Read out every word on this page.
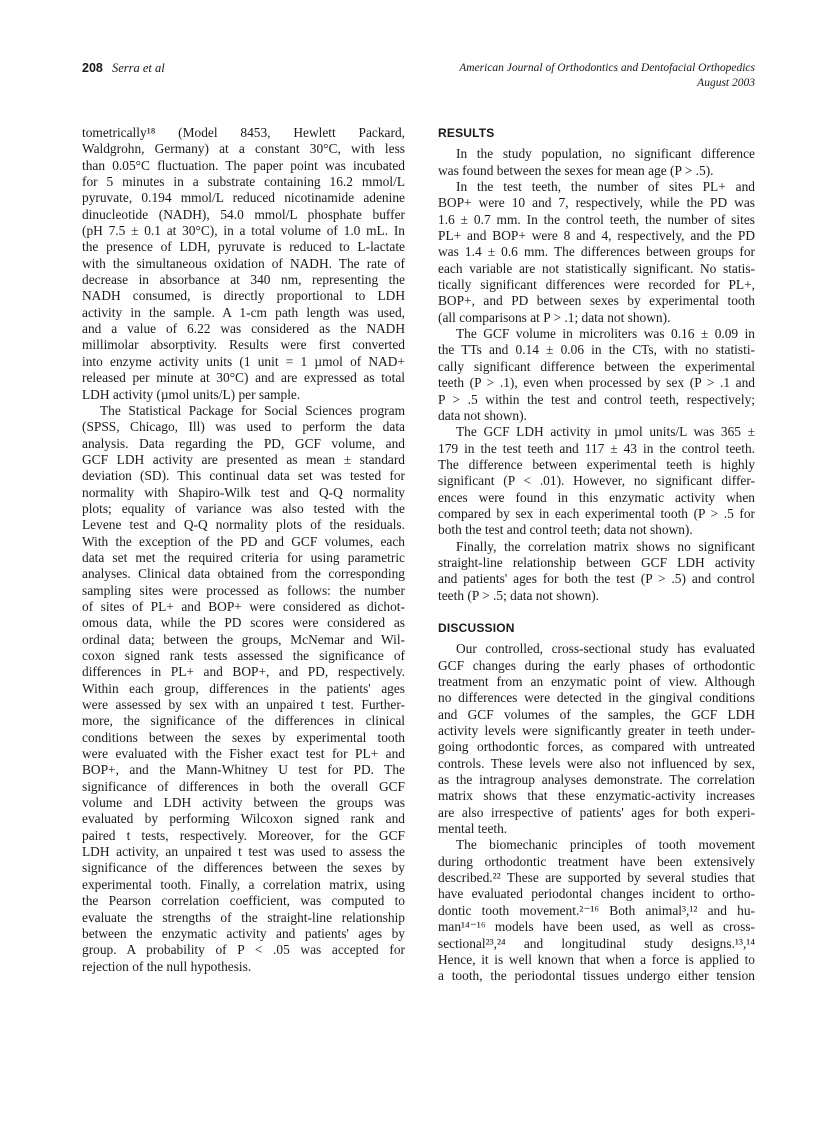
208 Serra et al	American Journal of Orthodontics and Dentofacial Orthopedics
August 2003
tometrically¹⁸ (Model 8453, Hewlett Packard,
Waldgrohn, Germany) at a constant 30°C, with less
than 0.05°C fluctuation. The paper point was incubated
for 5 minutes in a substrate containing 16.2 mmol/L
pyruvate, 0.194 mmol/L reduced nicotinamide adenine
dinucleotide (NADH), 54.0 mmol/L phosphate buffer
(pH 7.5 ± 0.1 at 30°C), in a total volume of 1.0 mL. In
the presence of LDH, pyruvate is reduced to L-lactate
with the simultaneous oxidation of NADH. The rate of
decrease in absorbance at 340 nm, representing the
NADH consumed, is directly proportional to LDH
activity in the sample. A 1-cm path length was used,
and a value of 6.22 was considered as the NADH
millimolar absorptivity. Results were first converted
into enzyme activity units (1 unit = 1 µmol of NAD+
released per minute at 30°C) and are expressed as total
LDH activity (µmol units/L) per sample.
The Statistical Package for Social Sciences program
(SPSS, Chicago, Ill) was used to perform the data
analysis. Data regarding the PD, GCF volume, and
GCF LDH activity are presented as mean ± standard
deviation (SD). This continual data set was tested for
normality with Shapiro-Wilk test and Q-Q normality
plots; equality of variance was also tested with the
Levene test and Q-Q normality plots of the residuals.
With the exception of the PD and GCF volumes, each
data set met the required criteria for using parametric
analyses. Clinical data obtained from the corresponding
sampling sites were processed as follows: the number
of sites of PL+ and BOP+ were considered as dichot-
omous data, while the PD scores were considered as
ordinal data; between the groups, McNemar and Wil-
coxon signed rank tests assessed the significance of
differences in PL+ and BOP+, and PD, respectively.
Within each group, differences in the patients' ages
were assessed by sex with an unpaired t test. Further-
more, the significance of the differences in clinical
conditions between the sexes by experimental tooth
were evaluated with the Fisher exact test for PL+ and
BOP+, and the Mann-Whitney U test for PD. The
significance of differences in both the overall GCF
volume and LDH activity between the groups was
evaluated by performing Wilcoxon signed rank and
paired t tests, respectively. Moreover, for the GCF
LDH activity, an unpaired t test was used to assess the
significance of the differences between the sexes by
experimental tooth. Finally, a correlation matrix, using
the Pearson correlation coefficient, was computed to
evaluate the strengths of the straight-line relationship
between the enzymatic activity and patients' ages by
group. A probability of P < .05 was accepted for
rejection of the null hypothesis.
RESULTS
In the study population, no significant difference
was found between the sexes for mean age (P > .5).
In the test teeth, the number of sites PL+ and
BOP+ were 10 and 7, respectively, while the PD was
1.6 ± 0.7 mm. In the control teeth, the number of sites
PL+ and BOP+ were 8 and 4, respectively, and the PD
was 1.4 ± 0.6 mm. The differences between groups for
each variable are not statistically significant. No statis-
tically significant differences were recorded for PL+,
BOP+, and PD between sexes by experimental tooth
(all comparisons at P > .1; data not shown).
The GCF volume in microliters was 0.16 ± 0.09 in
the TTs and 0.14 ± 0.06 in the CTs, with no statisti-
cally significant difference between the experimental
teeth (P > .1), even when processed by sex (P > .1 and
P > .5 within the test and control teeth, respectively;
data not shown).
The GCF LDH activity in µmol units/L was 365 ±
179 in the test teeth and 117 ± 43 in the control teeth.
The difference between experimental teeth is highly
significant (P < .01). However, no significant differ-
ences were found in this enzymatic activity when
compared by sex in each experimental tooth (P > .5 for
both the test and control teeth; data not shown).
Finally, the correlation matrix shows no significant
straight-line relationship between GCF LDH activity
and patients' ages for both the test (P > .5) and control
teeth (P > .5; data not shown).
DISCUSSION
Our controlled, cross-sectional study has evaluated
GCF changes during the early phases of orthodontic
treatment from an enzymatic point of view. Although
no differences were detected in the gingival conditions
and GCF volumes of the samples, the GCF LDH
activity levels were significantly greater in teeth under-
going orthodontic forces, as compared with untreated
controls. These levels were also not influenced by sex,
as the intragroup analyses demonstrate. The correlation
matrix shows that these enzymatic-activity increases
are also irrespective of patients' ages for both experi-
mental teeth.
The biomechanic principles of tooth movement
during orthodontic treatment have been extensively
described.²² These are supported by several studies that
have evaluated periodontal changes incident to ortho-
dontic tooth movement.²⁻¹⁶ Both animal³,¹² and hu-
man¹⁴⁻¹⁶ models have been used, as well as cross-
sectional²³,²⁴ and longitudinal study designs.¹³,¹⁴
Hence, it is well known that when a force is applied to
a tooth, the periodontal tissues undergo either tension
